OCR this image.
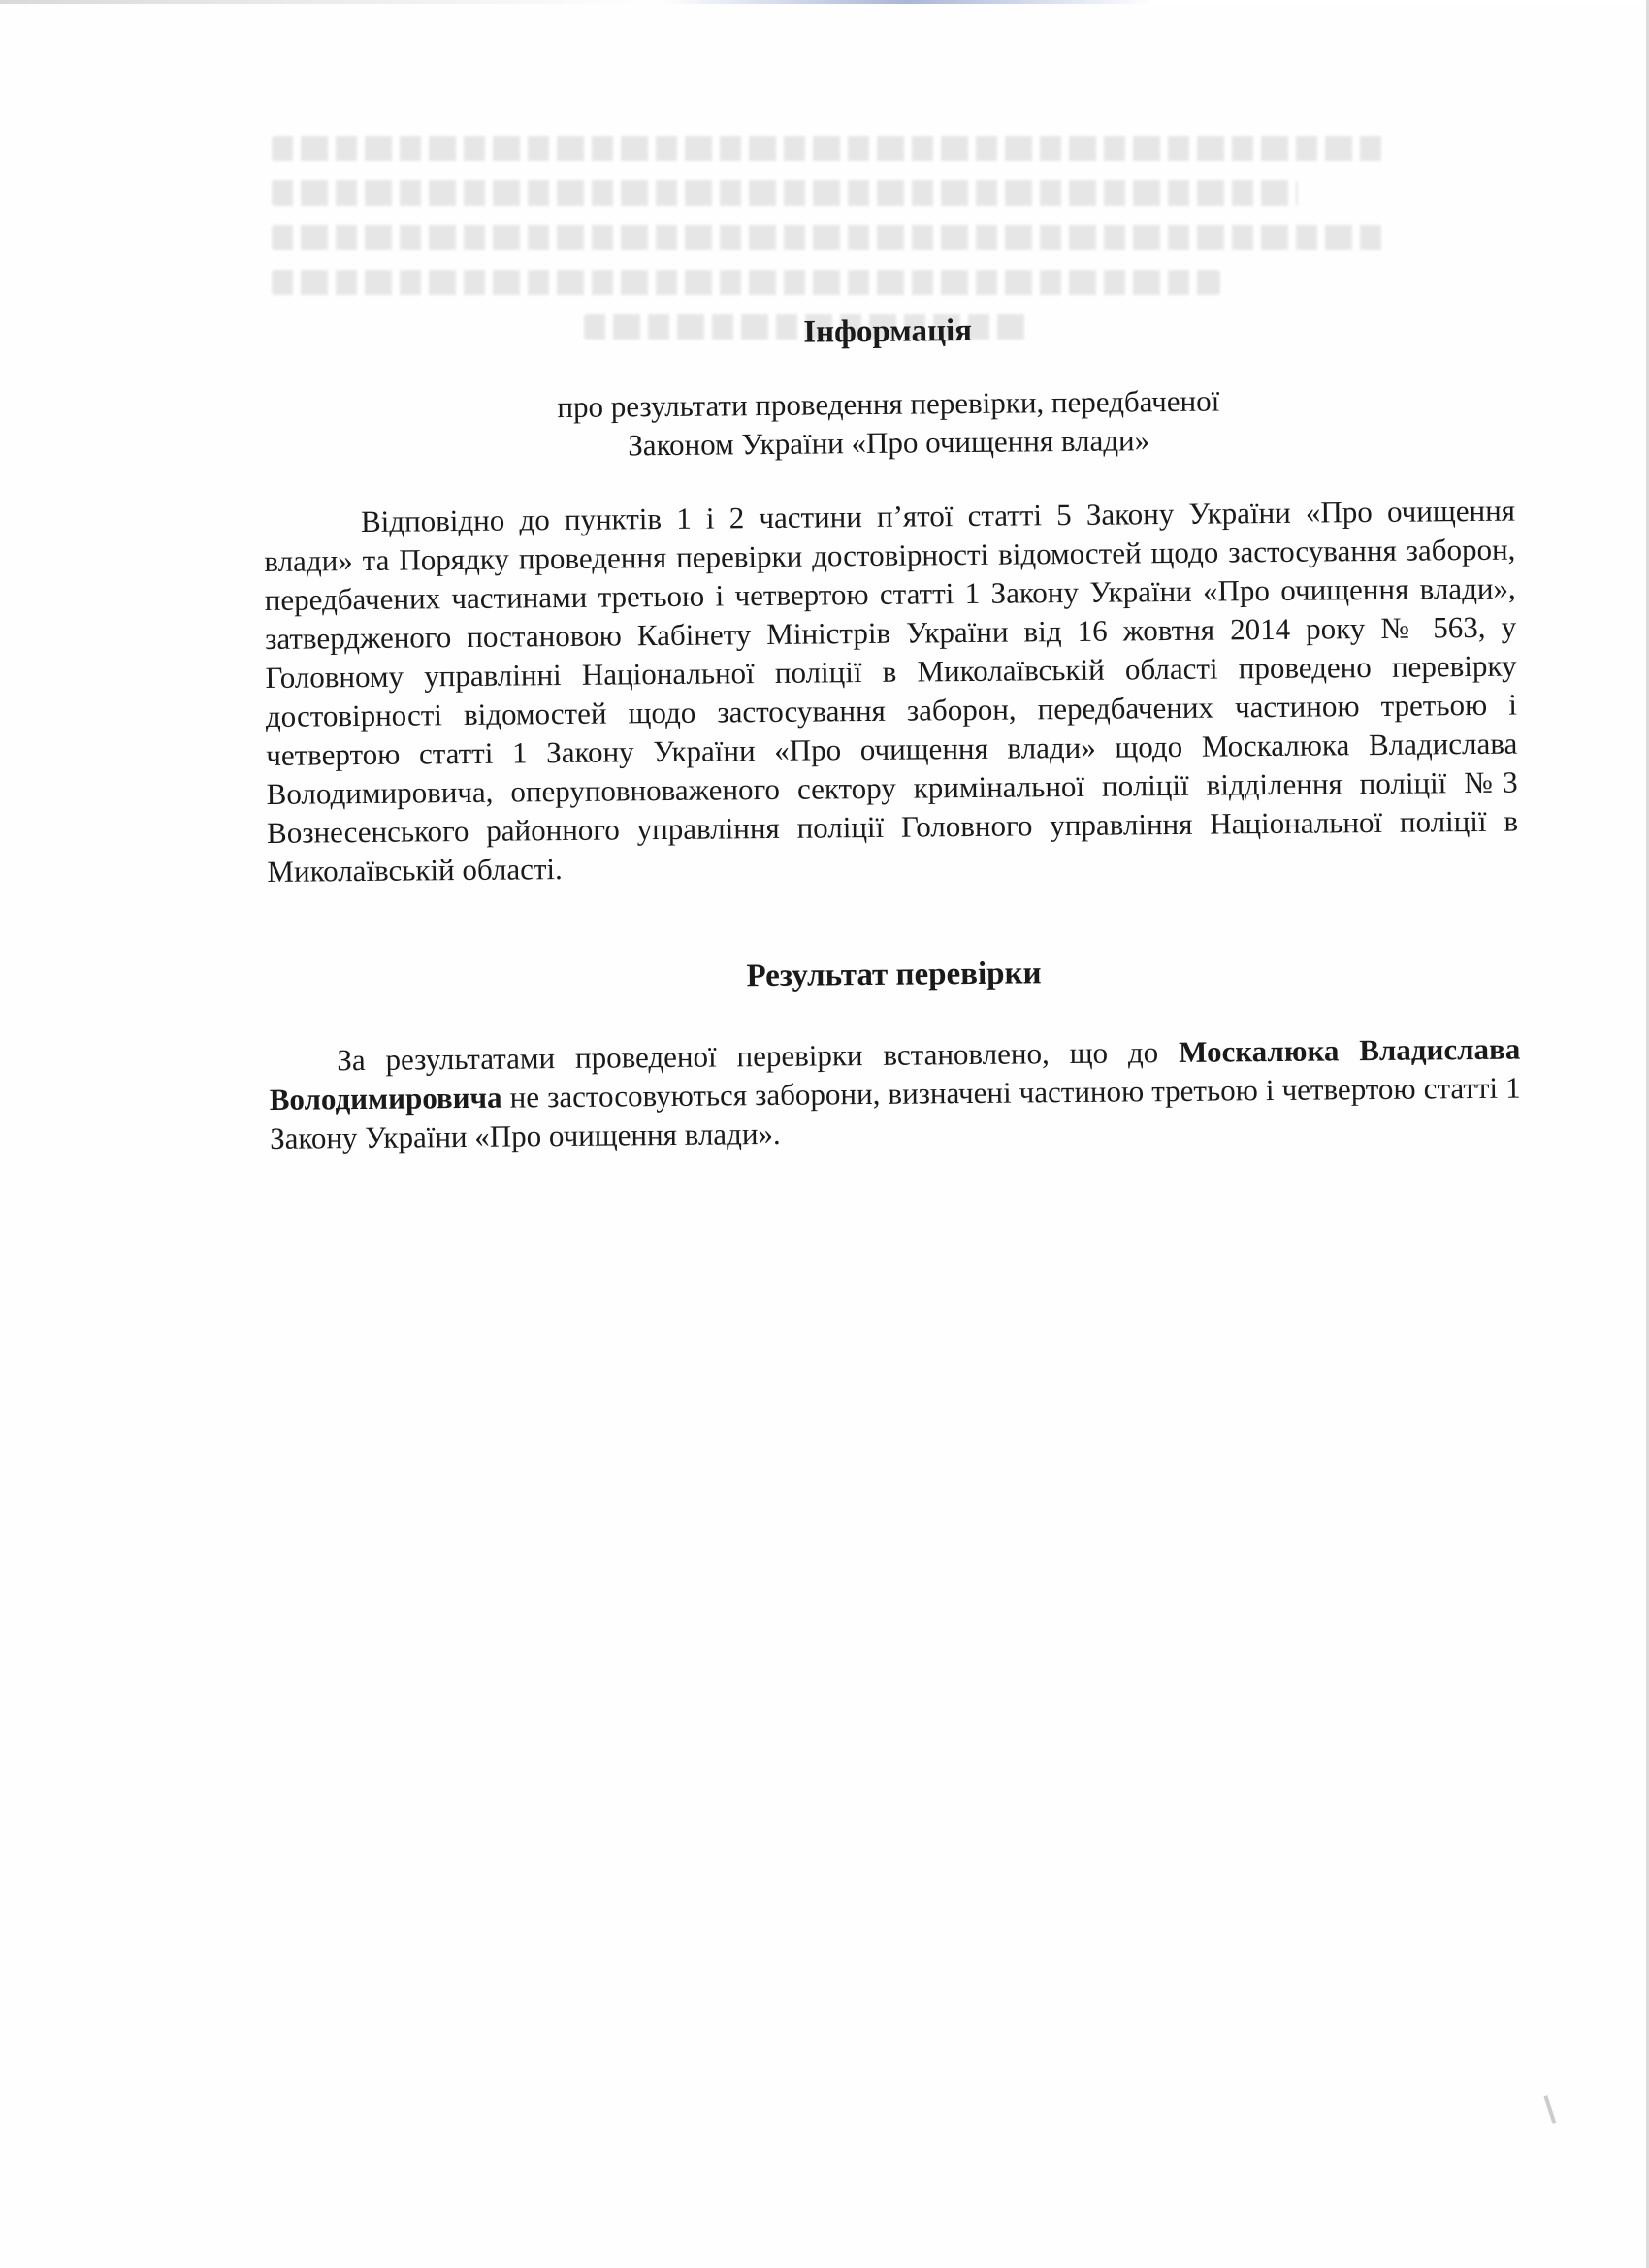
Інформація
про результати проведення перевірки, передбаченої
Законом України «Про очищення влади»

Відповідно до пунктів 1 і 2 частини п’ятої статті 5 Закону України «Про очищення влади» та Порядку проведення перевірки достовірності відомостей щодо застосування заборон, передбачених частинами третьою і четвертою статті 1 Закону України «Про очищення влади», затвердженого постановою Кабінету Міністрів України від 16 жовтня 2014 року № 563, у Головному управлінні Національної поліції в Миколаївській області проведено перевірку достовірності відомостей щодо застосування заборон, передбачених частиною третьою і четвертою статті 1 Закону України «Про очищення влади» щодо Москалюка Владислава Володимировича, оперуповноваженого сектору кримінальної поліції відділення поліції №3 Вознесенського районного управління поліції Головного управління Національної поліції в Миколаївській області.

Результат перевірки

За результатами проведеної перевірки встановлено, що до Москалюка Владислава Володимировича не застосовуються заборони, визначені частиною третьою і четвертою статті 1 Закону України «Про очищення влади».
